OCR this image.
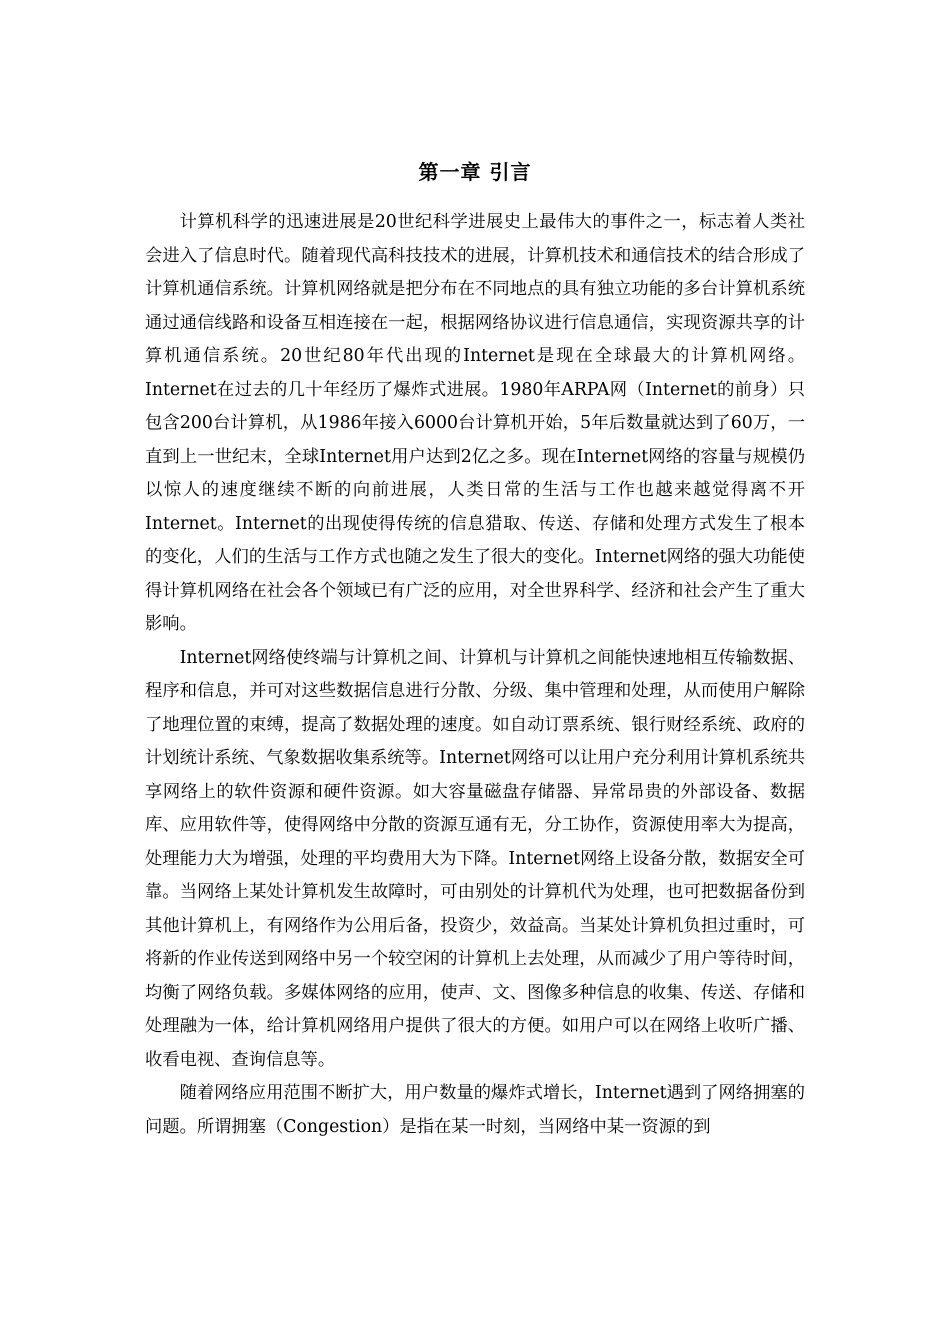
第一章 引言

计算机科学的迅速进展是20世纪科学进展史上最伟大的事件之一，标志着人类社会进入了信息时代。随着现代高科技技术的进展，计算机技术和通信技术的结合形成了计算机通信系统。计算机网络就是把分布在不同地点的具有独立功能的多台计算机系统通过通信线路和设备互相连接在一起，根据网络协议进行信息通信，实现资源共享的计算机通信系统。20世纪80年代出现的Internet是现在全球最大的计算机网络。Internet在过去的几十年经历了爆炸式进展。1980年ARPA网（Internet的前身）只包含200台计算机，从1986年接入6000台计算机开始，5年后数量就达到了60万，一直到上一世纪末，全球Internet用户达到2亿之多。现在Internet网络的容量与规模仍以惊人的速度继续不断的向前进展，人类日常的生活与工作也越来越觉得离不开Internet。Internet的出现使得传统的信息猎取、传送、存储和处理方式发生了根本的变化，人们的生活与工作方式也随之发生了很大的变化。Internet网络的强大功能使得计算机网络在社会各个领域已有广泛的应用，对全世界科学、经济和社会产生了重大影响。

Internet网络使终端与计算机之间、计算机与计算机之间能快速地相互传输数据、程序和信息，并可对这些数据信息进行分散、分级、集中管理和处理，从而使用户解除了地理位置的束缚，提高了数据处理的速度。如自动订票系统、银行财经系统、政府的计划统计系统、气象数据收集系统等。Internet网络可以让用户充分利用计算机系统共享网络上的软件资源和硬件资源。如大容量磁盘存储器、异常昂贵的外部设备、数据库、应用软件等，使得网络中分散的资源互通有无，分工协作，资源使用率大为提高，处理能力大为增强，处理的平均费用大为下降。Internet网络上设备分散，数据安全可靠。当网络上某处计算机发生故障时，可由别处的计算机代为处理，也可把数据备份到其他计算机上，有网络作为公用后备，投资少，效益高。当某处计算机负担过重时，可将新的作业传送到网络中另一个较空闲的计算机上去处理，从而减少了用户等待时间，均衡了网络负载。多媒体网络的应用，使声、文、图像多种信息的收集、传送、存储和处理融为一体，给计算机网络用户提供了很大的方便。如用户可以在网络上收听广播、收看电视、查询信息等。

随着网络应用范围不断扩大，用户数量的爆炸式增长，Internet遇到了网络拥塞的问题。所谓拥塞（Congestion）是指在某一时刻，当网络中某一资源的到
